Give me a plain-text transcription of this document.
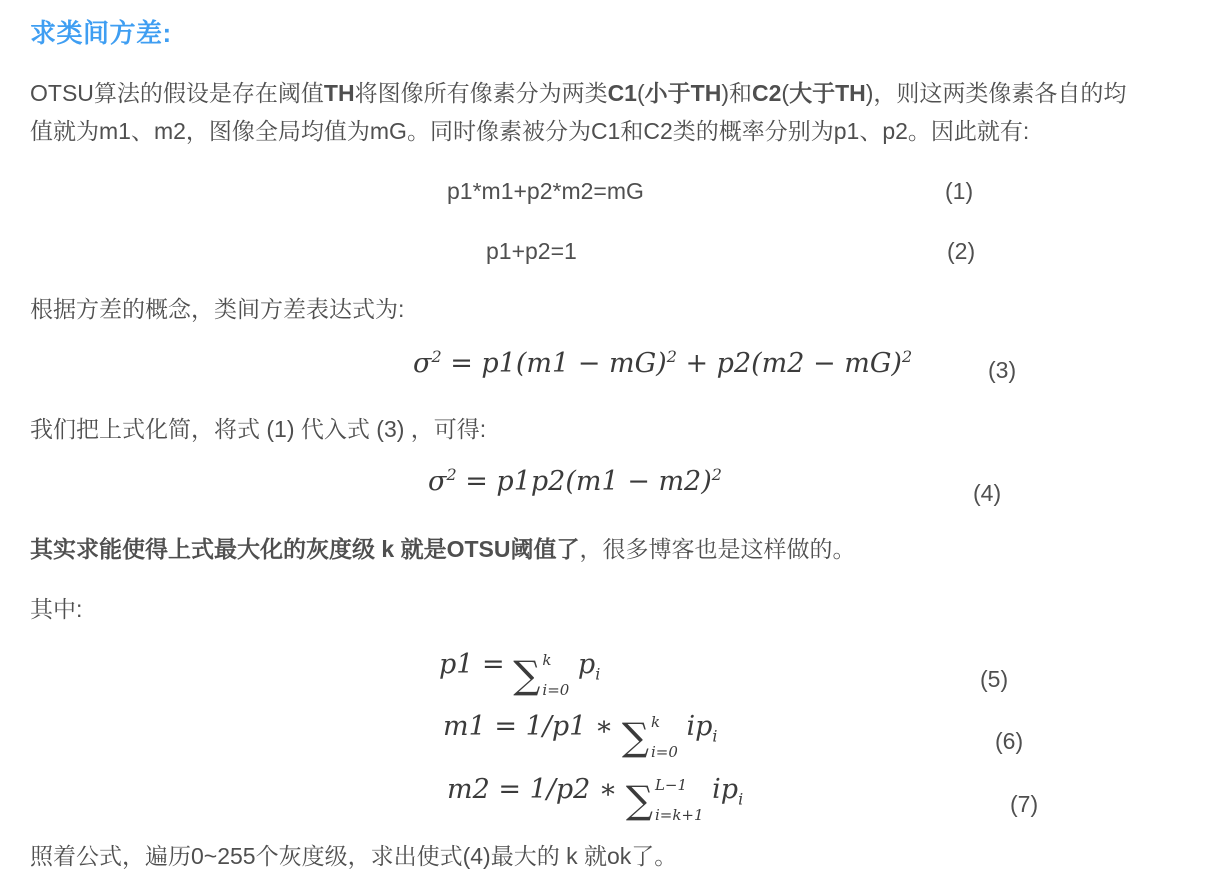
求类间方差:

OTSU算法的假设是存在阈值TH将图像所有像素分为两类C1(小于TH)和C2(大于TH)，则这两类像素各自的均
值就为m1、m2，图像全局均值为mG。同时像素被分为C1和C2类的概率分别为p1、p2。因此就有:

p1*m1+p2*m2=mG	(1)
p1+p2=1	(2)

根据方差的概念，类间方差表达式为:

$\sigma^2 = p1(m1 - mG)^2 + p2(m2 - mG)^2$
(3)

我们把上式化简，将式 (1) 代入式 (3) ，可得:

$\sigma^2 = p1p2(m1 - m2)^2$
(4)

其实求能使得上式最大化的灰度级 k 就是OTSU阈值了，很多博客也是这样做的。

其中:

p1 = ∑ k
i=0
$p_i$	(5)
m1 = 1/p1 ∗ ∑ k
i=0
$ip_i$	(6)
m2 = 1/p2 ∗ ∑ L−1
i=k+1
$ip_i$	(7)

照着公式，遍历0~255个灰度级，求出使式(4)最大的 k 就ok了。
